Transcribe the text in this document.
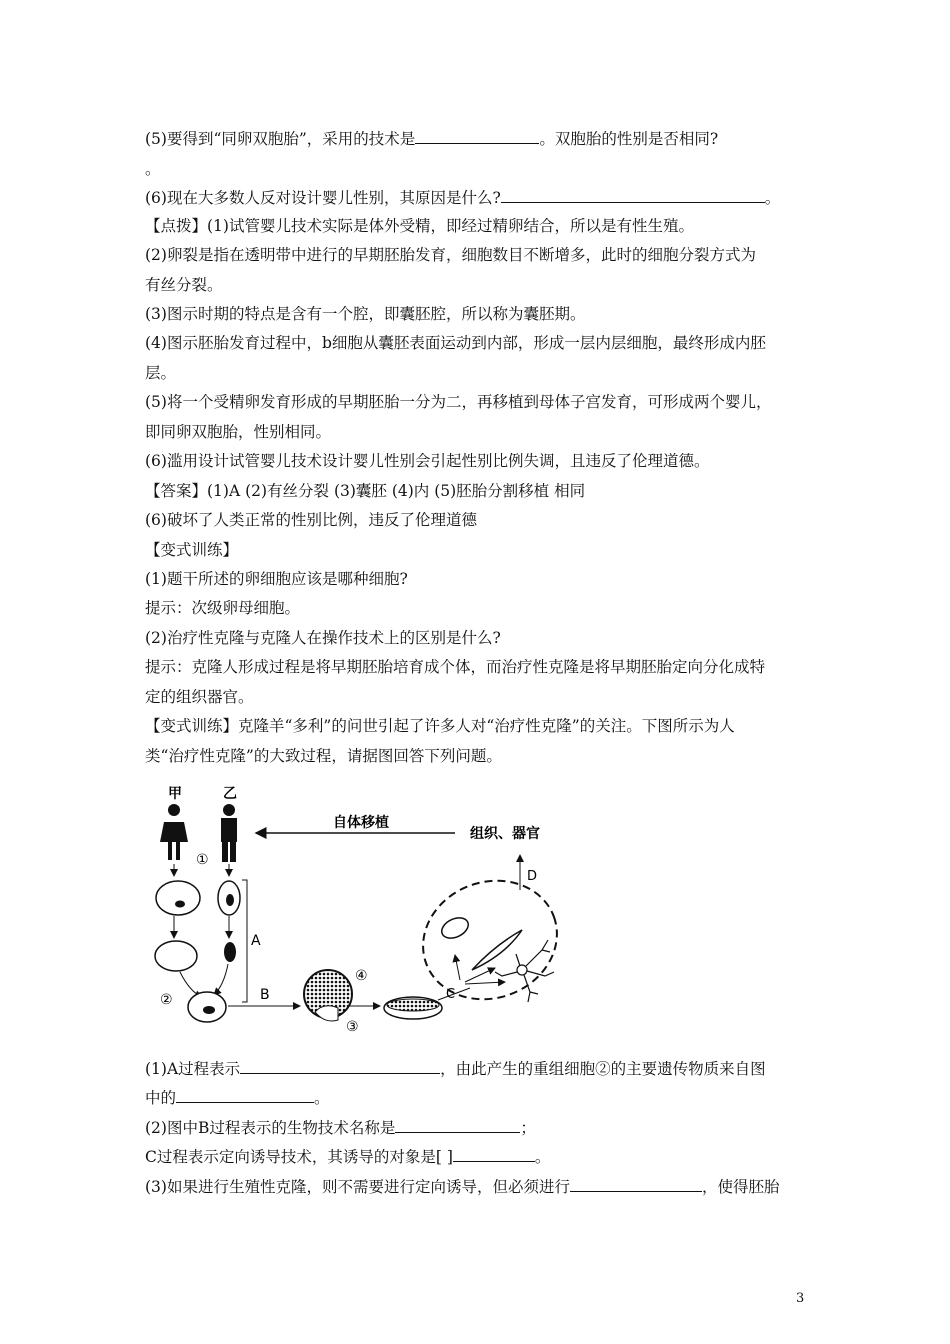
(5)要得到“同卵双胞胎”，采用的技术是	。双胞胎的性别是否相同?
。
(6)现在大多数人反对设计婴儿性别，其原因是什么?	。
【点拨】(1)试管婴儿技术实际是体外受精，即经过精卵结合，所以是有性生殖。
(2)卵裂是指在透明带中进行的早期胚胎发育，细胞数目不断增多，此时的细胞分裂方式为
有丝分裂。
(3)图示时期的特点是含有一个腔，即囊胚腔，所以称为囊胚期。
(4)图示胚胎发育过程中，b细胞从囊胚表面运动到内部，形成一层内层细胞，最终形成内胚
层。
(5)将一个受精卵发育形成的早期胚胎一分为二，再移植到母体子宫发育，可形成两个婴儿，
即同卵双胞胎，性别相同。
(6)滥用设计试管婴儿技术设计婴儿性别会引起性别比例失调，且违反了伦理道德。
【答案】(1)A (2)有丝分裂 (3)囊胚 (4)内 (5)胚胎分割移植 相同
(6)破坏了人类正常的性别比例，违反了伦理道德
【变式训练】
(1)题干所述的卵细胞应该是哪种细胞?
提示：次级卵母细胞。
(2)治疗性克隆与克隆人在操作技术上的区别是什么?
提示：克隆人形成过程是将早期胚胎培育成个体，而治疗性克隆是将早期胚胎定向分化成特
定的组织器官。
【变式训练】克隆羊“多利”的问世引起了许多人对“治疗性克隆”的关注。下图所示为人
类“治疗性克隆”的大致过程，请据图回答下列问题。
甲	乙
①
A
②	B
④
③
C
D
自体移植
组织、器官
(1)A过程表示	，由此产生的重组细胞②的主要遗传物质来自图
中的	。
(2)图中B过程表示的生物技术名称是	；
C过程表示定向诱导技术，其诱导的对象是[ ]	。
(3)如果进行生殖性克隆，则不需要进行定向诱导，但必须进行	，使得胚胎
3
